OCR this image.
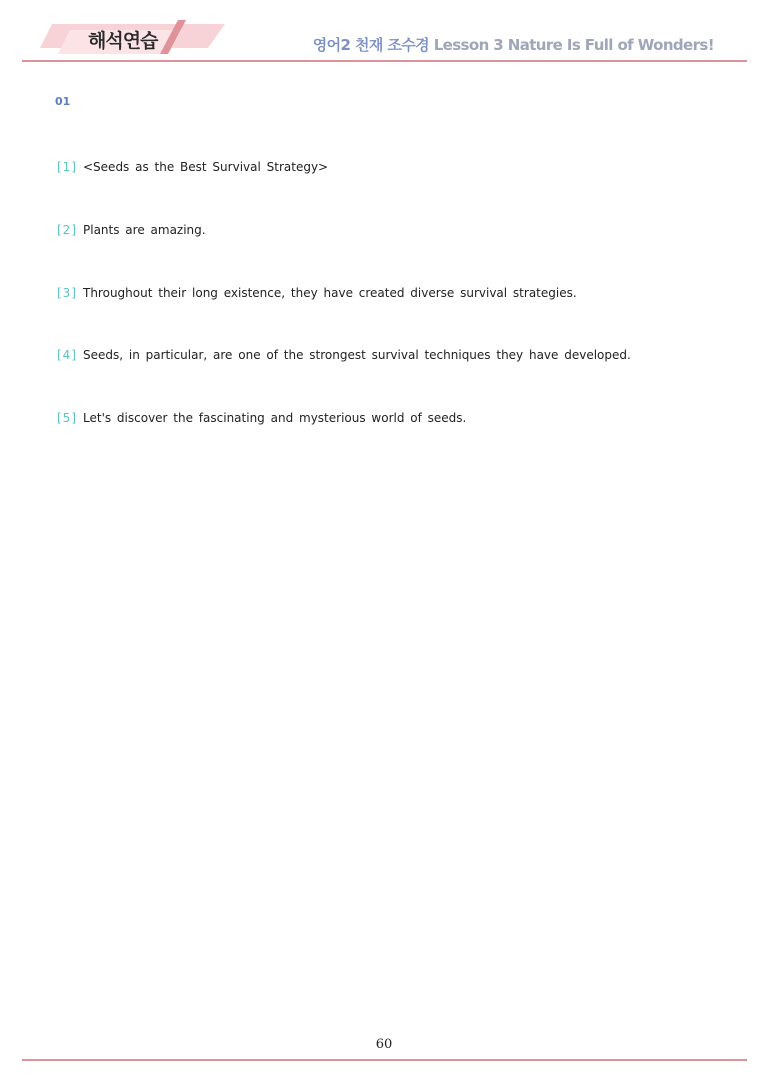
해석연습	영어2 천재 조수경 Lesson 3 Nature Is Full of Wonders!
01
[1] <Seeds as the Best Survival Strategy>
[2] Plants are amazing.
[3] Throughout their long existence, they have created diverse survival strategies.
[4] Seeds, in particular, are one of the strongest survival techniques they have developed.
[5] Let's discover the fascinating and mysterious world of seeds.
60
